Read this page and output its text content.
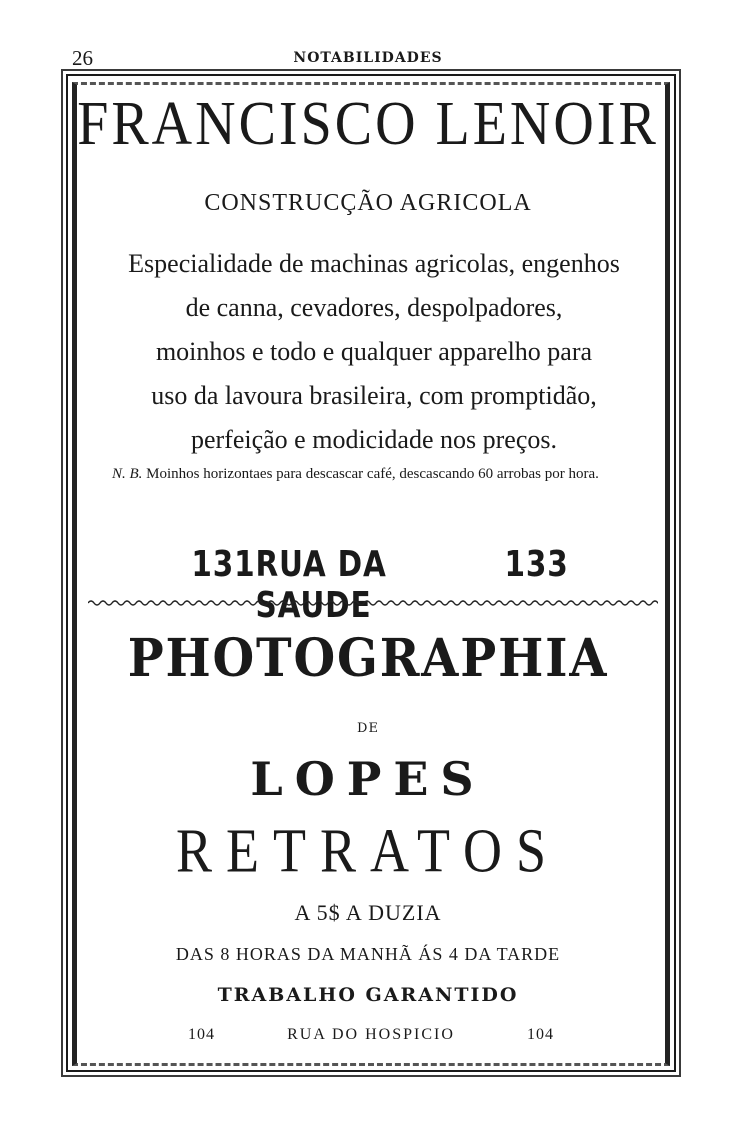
26	NOTABILIDADES
FRANCISCO LENOIR
CONSTRUCÇÃO AGRICOLA
Especialidade de machinas agricolas, engenhos
de canna, cevadores, despolpadores,
moinhos e todo e qualquer apparelho para
uso da lavoura brasileira, com promptidão,
perfeição e modicidade nos preços.
N. B. Moinhos horizontaes para descascar café, descascando 60 arrobas por hora.
131 RUA DA SAUDE
133
PHOTOGRAPHIA
DE
LOPES
RETRATOS
A 5$ A DUZIA
DAS 8 HORAS DA MANHÃ ÁS 4 DA TARDE
TRABALHO GARANTIDO
104	RUA DO HOSPICIO	104
